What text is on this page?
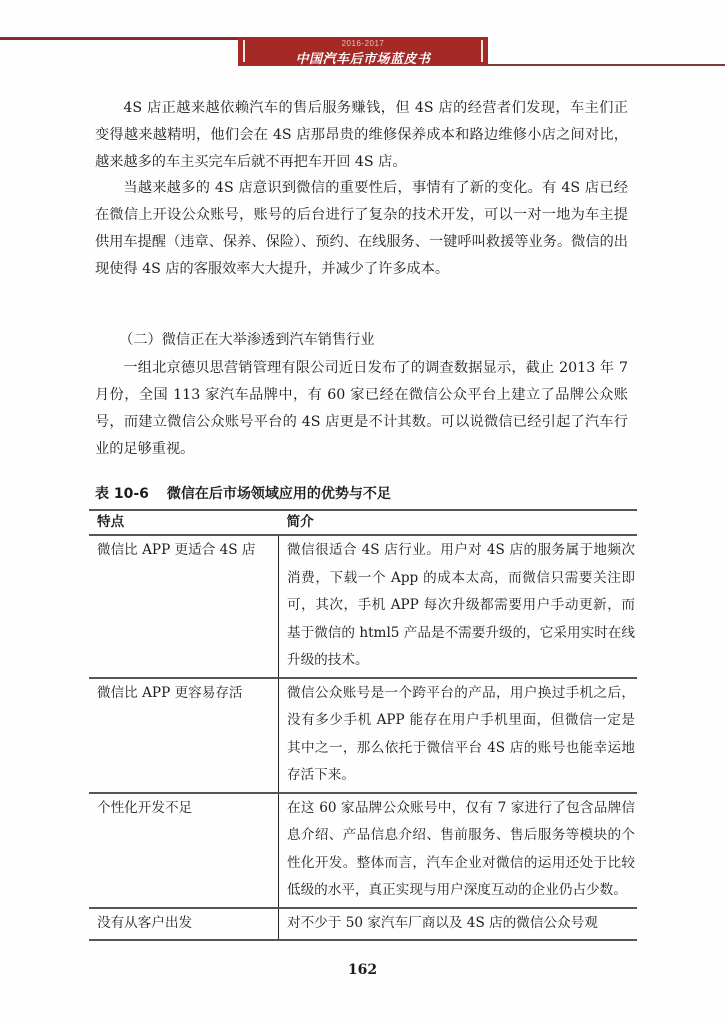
2016-2017
中国汽车后市场蓝皮书

4S 店正越来越依赖汽车的售后服务赚钱，但 4S 店的经营者们发现，车主们正变得越来越精明，他们会在 4S 店那昂贵的维修保养成本和路边维修小店之间对比，越来越多的车主买完车后就不再把车开回 4S 店。

当越来越多的 4S 店意识到微信的重要性后，事情有了新的变化。有 4S 店已经在微信上开设公众账号，账号的后台进行了复杂的技术开发，可以一对一地为车主提供用车提醒（违章、保养、保险）、预约、在线服务、一键呼叫救援等业务。微信的出现使得 4S 店的客服效率大大提升，并减少了许多成本。

（二）微信正在大举渗透到汽车销售行业

一组北京德贝思营销管理有限公司近日发布了的调查数据显示，截止 2013 年 7 月份，全国 113 家汽车品牌中，有 60 家已经在微信公众平台上建立了品牌公众账号，而建立微信公众账号平台的 4S 店更是不计其数。可以说微信已经引起了汽车行业的足够重视。

表 10-6 微信在后市场领域应用的优势与不足
特点	简介
微信比 APP 更适合 4S 店	微信很适合 4S 店行业。用户对 4S 店的服务属于地频次消费，下载一个 App 的成本太高，而微信只需要关注即可，其次，手机 APP 每次升级都需要用户手动更新，而基于微信的 html5 产品是不需要升级的，它采用实时在线升级的技术。
微信比 APP 更容易存活	微信公众账号是一个跨平台的产品，用户换过手机之后，没有多少手机 APP 能存在用户手机里面，但微信一定是其中之一，那么依托于微信平台 4S 店的账号也能幸运地存活下来。
个性化开发不足	在这 60 家品牌公众账号中，仅有 7 家进行了包含品牌信息介绍、产品信息介绍、售前服务、售后服务等模块的个性化开发。整体而言，汽车企业对微信的运用还处于比较低级的水平，真正实现与用户深度互动的企业仍占少数。
没有从客户出发	对不少于 50 家汽车厂商以及 4S 店的微信公众号观
162
